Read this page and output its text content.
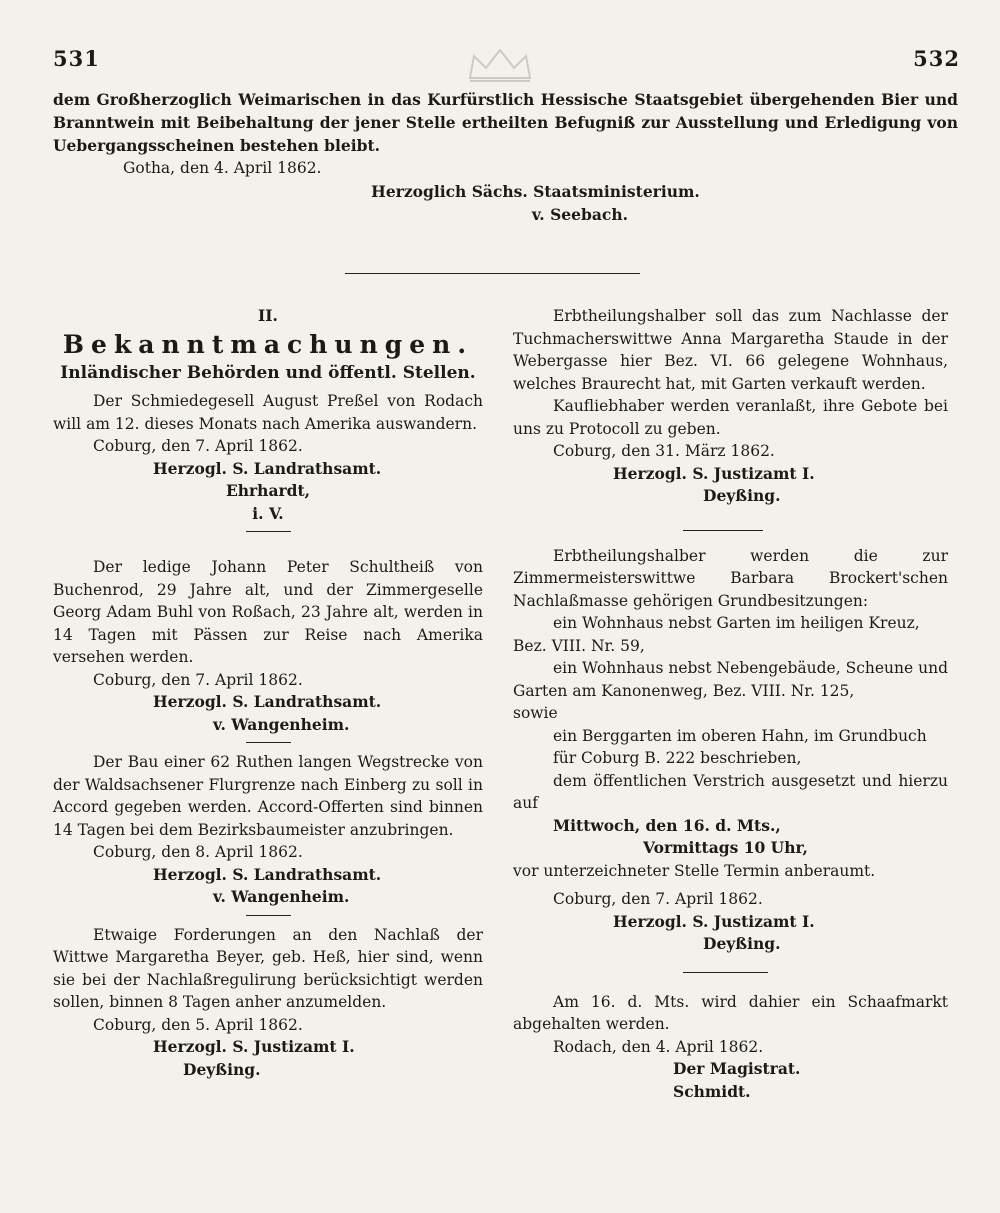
531	532
dem Großherzoglich Weimarischen in das Kurfürstlich Hessische Staatsgebiet übergehenden Bier und Branntwein mit Beibehaltung der jener Stelle ertheilten Befugniß zur Ausstellung und Erledigung von Uebergangsscheinen bestehen bleibt.
Gotha, den 4. April 1862.
Herzoglich Sächs. Staatsministerium.
v. Seebach.
II.
Bekanntmachungen.
Inländischer Behörden und öffentl. Stellen.

Der Schmiedegesell August Preßel von Rodach will am 12. dieses Monats nach Amerika auswandern.

Coburg, den 7. April 1862.

Herzogl. S. Landrathsamt.

Ehrhardt,

i. V.

Der ledige Johann Peter Schultheiß von Buchenrod, 29 Jahre alt, und der Zimmergeselle Georg Adam Buhl von Roßach, 23 Jahre alt, werden in 14 Tagen mit Pässen zur Reise nach Amerika versehen werden.

Coburg, den 7. April 1862.

Herzogl. S. Landrathsamt.

v. Wangenheim.

Der Bau einer 62 Ruthen langen Wegstrecke von der Waldsachsener Flurgrenze nach Einberg zu soll in Accord gegeben werden. Accord-Offerten sind binnen 14 Tagen bei dem Bezirksbaumeister anzubringen.

Coburg, den 8. April 1862.

Herzogl. S. Landrathsamt.

v. Wangenheim.

Etwaige Forderungen an den Nachlaß der Wittwe Margaretha Beyer, geb. Heß, hier sind, wenn sie bei der Nachlaßregulirung berücksichtigt werden sollen, binnen 8 Tagen anher anzumelden.

Coburg, den 5. April 1862.

Herzogl. S. Justizamt I.

Deyßing.

Erbtheilungshalber soll das zum Nachlasse der Tuchmacherswittwe Anna Margaretha Staude in der Webergasse hier Bez. VI. 66 gelegene Wohnhaus, welches Braurecht hat, mit Garten verkauft werden.

Kaufliebhaber werden veranlaßt, ihre Gebote bei uns zu Protocoll zu geben.

Coburg, den 31. März 1862.

Herzogl. S. Justizamt I.

Deyßing.

Erbtheilungshalber werden die zur Zimmermeisterswittwe Barbara Brockert'schen Nachlaßmasse gehörigen Grundbesitzungen:

ein Wohnhaus nebst Garten im heiligen Kreuz,

Bez. VIII. Nr. 59,

ein Wohnhaus nebst Nebengebäude, Scheune und Garten am Kanonenweg, Bez. VIII. Nr. 125,

sowie

ein Berggarten im oberen Hahn, im Grundbuch

für Coburg B. 222 beschrieben,

dem öffentlichen Verstrich ausgesetzt und hierzu auf

Mittwoch, den 16. d. Mts.,

Vormittags 10 Uhr,

vor unterzeichneter Stelle Termin anberaumt.

Coburg, den 7. April 1862.

Herzogl. S. Justizamt I.

Deyßing.

Am 16. d. Mts. wird dahier ein Schaafmarkt abgehalten werden.

Rodach, den 4. April 1862.

Der Magistrat.

Schmidt.
